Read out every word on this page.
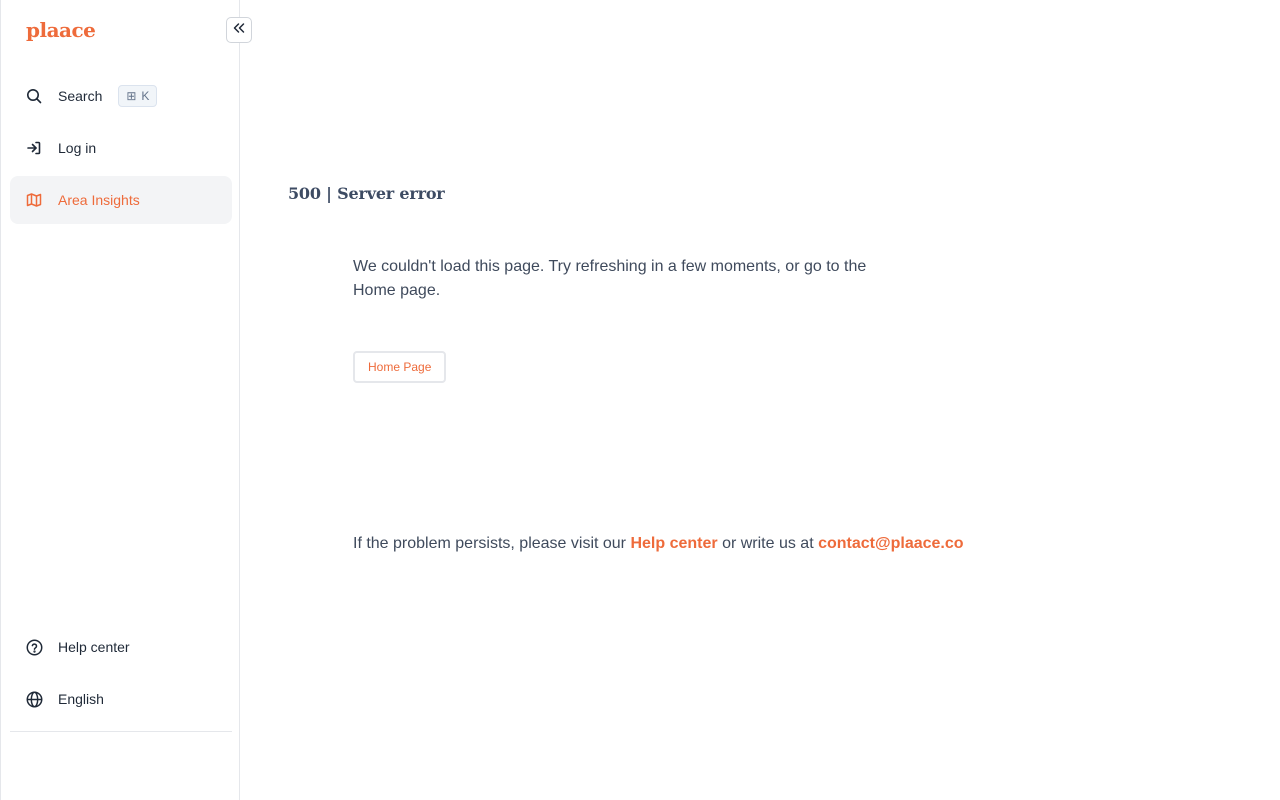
plaace
Search ⊞ K
Log in
Area Insights
Help center
English
500 | Server error

We couldn't load this page. Try refreshing in a few moments, or go to the Home page.

Home Page

If the problem persists, please visit our Help center or write us at contact@plaace.co
